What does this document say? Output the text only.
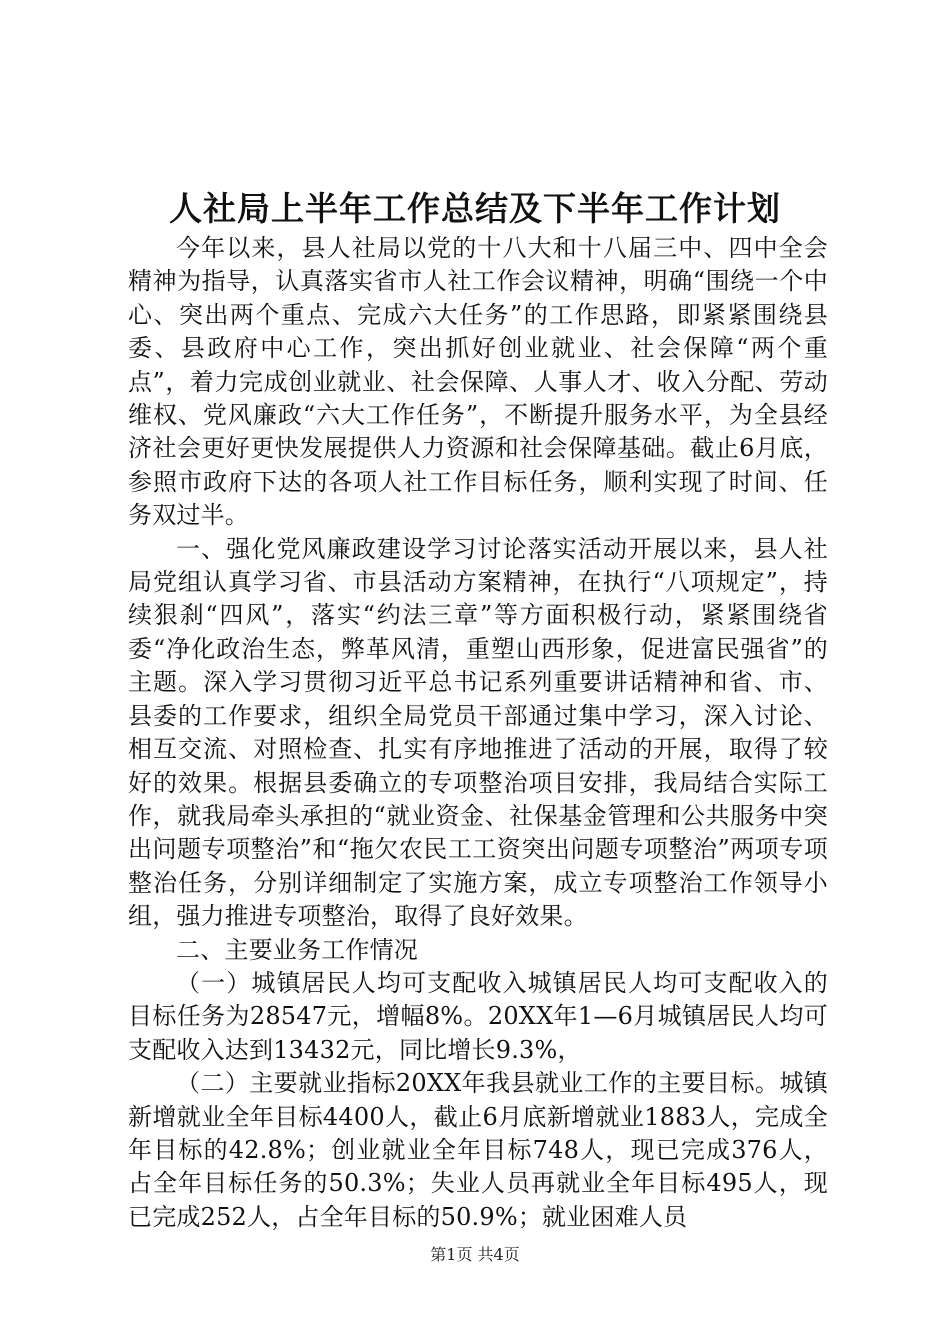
人社局上半年工作总结及下半年工作计划

今年以来，县人社局以党的十八大和十八届三中、四中全会精神为指导，认真落实省市人社工作会议精神，明确“围绕一个中心、突出两个重点、完成六大任务”的工作思路，即紧紧围绕县委、县政府中心工作，突出抓好创业就业、社会保障“两个重点”，着力完成创业就业、社会保障、人事人才、收入分配、劳动维权、党风廉政“六大工作任务”，不断提升服务水平，为全县经济社会更好更快发展提供人力资源和社会保障基础。截止6月底，参照市政府下达的各项人社工作目标任务，顺利实现了时间、任务双过半。

一、强化党风廉政建设学习讨论落实活动开展以来，县人社局党组认真学习省、市县活动方案精神，在执行“八项规定”，持续狠刹“四风”，落实“约法三章”等方面积极行动，紧紧围绕省委“净化政治生态，弊革风清，重塑山西形象，促进富民强省”的主题。深入学习贯彻习近平总书记系列重要讲话精神和省、市、县委的工作要求，组织全局党员干部通过集中学习，深入讨论、相互交流、对照检查、扎实有序地推进了活动的开展，取得了较好的效果。根据县委确立的专项整治项目安排，我局结合实际工作，就我局牵头承担的“就业资金、社保基金管理和公共服务中突出问题专项整治”和“拖欠农民工工资突出问题专项整治”两项专项整治任务，分别详细制定了实施方案，成立专项整治工作领导小组，强力推进专项整治，取得了良好效果。

二、主要业务工作情况

（一）城镇居民人均可支配收入城镇居民人均可支配收入的目标任务为28547元，增幅8%。20XX年1—6月城镇居民人均可支配收入达到13432元，同比增长9.3%，

（二）主要就业指标20XX年我县就业工作的主要目标。城镇新增就业全年目标4400人，截止6月底新增就业1883人，完成全年目标的42.8%；创业就业全年目标748人，现已完成376人，占全年目标任务的50.3%；失业人员再就业全年目标495人，现已完成252人，占全年目标的50.9%；就业困难人员

第1页 共4页
